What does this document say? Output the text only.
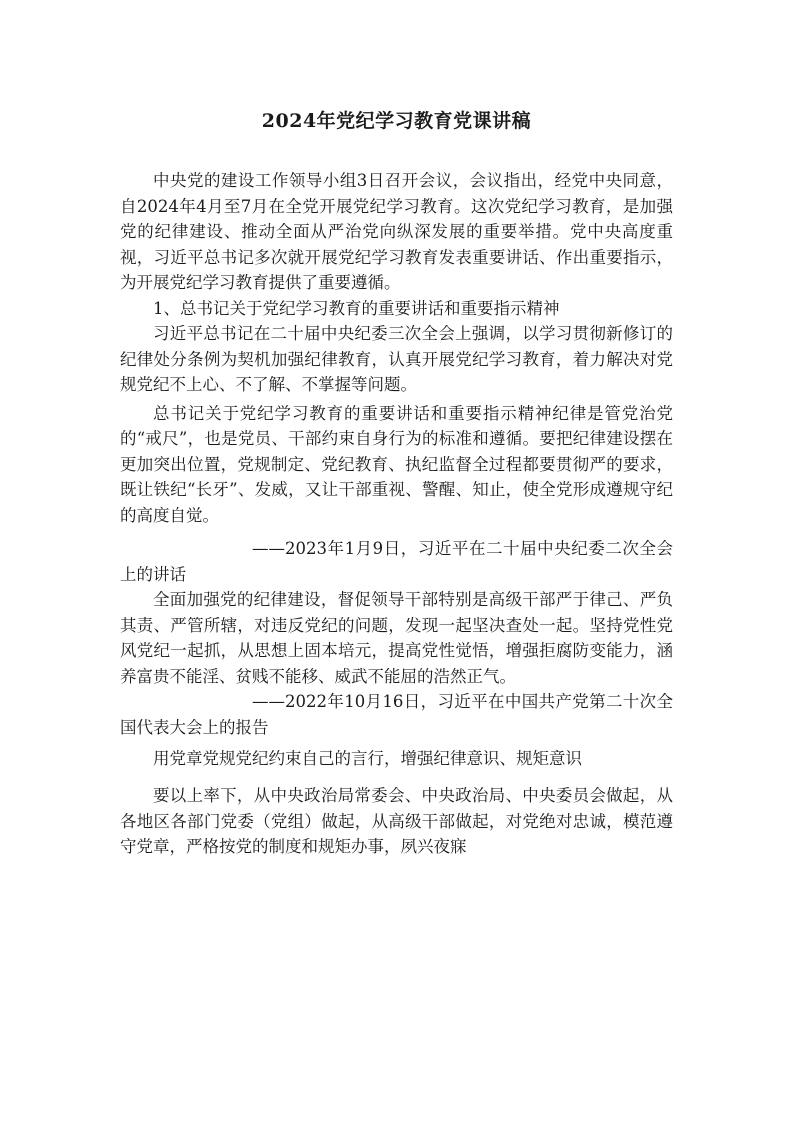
2024年党纪学习教育党课讲稿

中央党的建设工作领导小组3日召开会议，会议指出，经党中央同意，自2024年4月至7月在全党开展党纪学习教育。这次党纪学习教育，是加强党的纪律建设、推动全面从严治党向纵深发展的重要举措。党中央高度重视，习近平总书记多次就开展党纪学习教育发表重要讲话、作出重要指示，为开展党纪学习教育提供了重要遵循。

1、总书记关于党纪学习教育的重要讲话和重要指示精神

习近平总书记在二十届中央纪委三次全会上强调，以学习贯彻新修订的纪律处分条例为契机加强纪律教育，认真开展党纪学习教育，着力解决对党规党纪不上心、不了解、不掌握等问题。

总书记关于党纪学习教育的重要讲话和重要指示精神纪律是管党治党的“戒尺”，也是党员、干部约束自身行为的标准和遵循。要把纪律建设摆在更加突出位置，党规制定、党纪教育、执纪监督全过程都要贯彻严的要求，既让铁纪“长牙”、发威，又让干部重视、警醒、知止，使全党形成遵规守纪的高度自觉。

——2023年1月9日，习近平在二十届中央纪委二次全会上的讲话

全面加强党的纪律建设，督促领导干部特别是高级干部严于律己、严负其责、严管所辖，对违反党纪的问题，发现一起坚决查处一起。坚持党性党风党纪一起抓，从思想上固本培元，提高党性觉悟，增强拒腐防变能力，涵养富贵不能淫、贫贱不能移、威武不能屈的浩然正气。

——2022年10月16日，习近平在中国共产党第二十次全国代表大会上的报告

用党章党规党纪约束自己的言行，增强纪律意识、规矩意识

要以上率下，从中央政治局常委会、中央政治局、中央委员会做起，从各地区各部门党委（党组）做起，从高级干部做起，对党绝对忠诚，模范遵守党章，严格按党的制度和规矩办事，夙兴夜寐
